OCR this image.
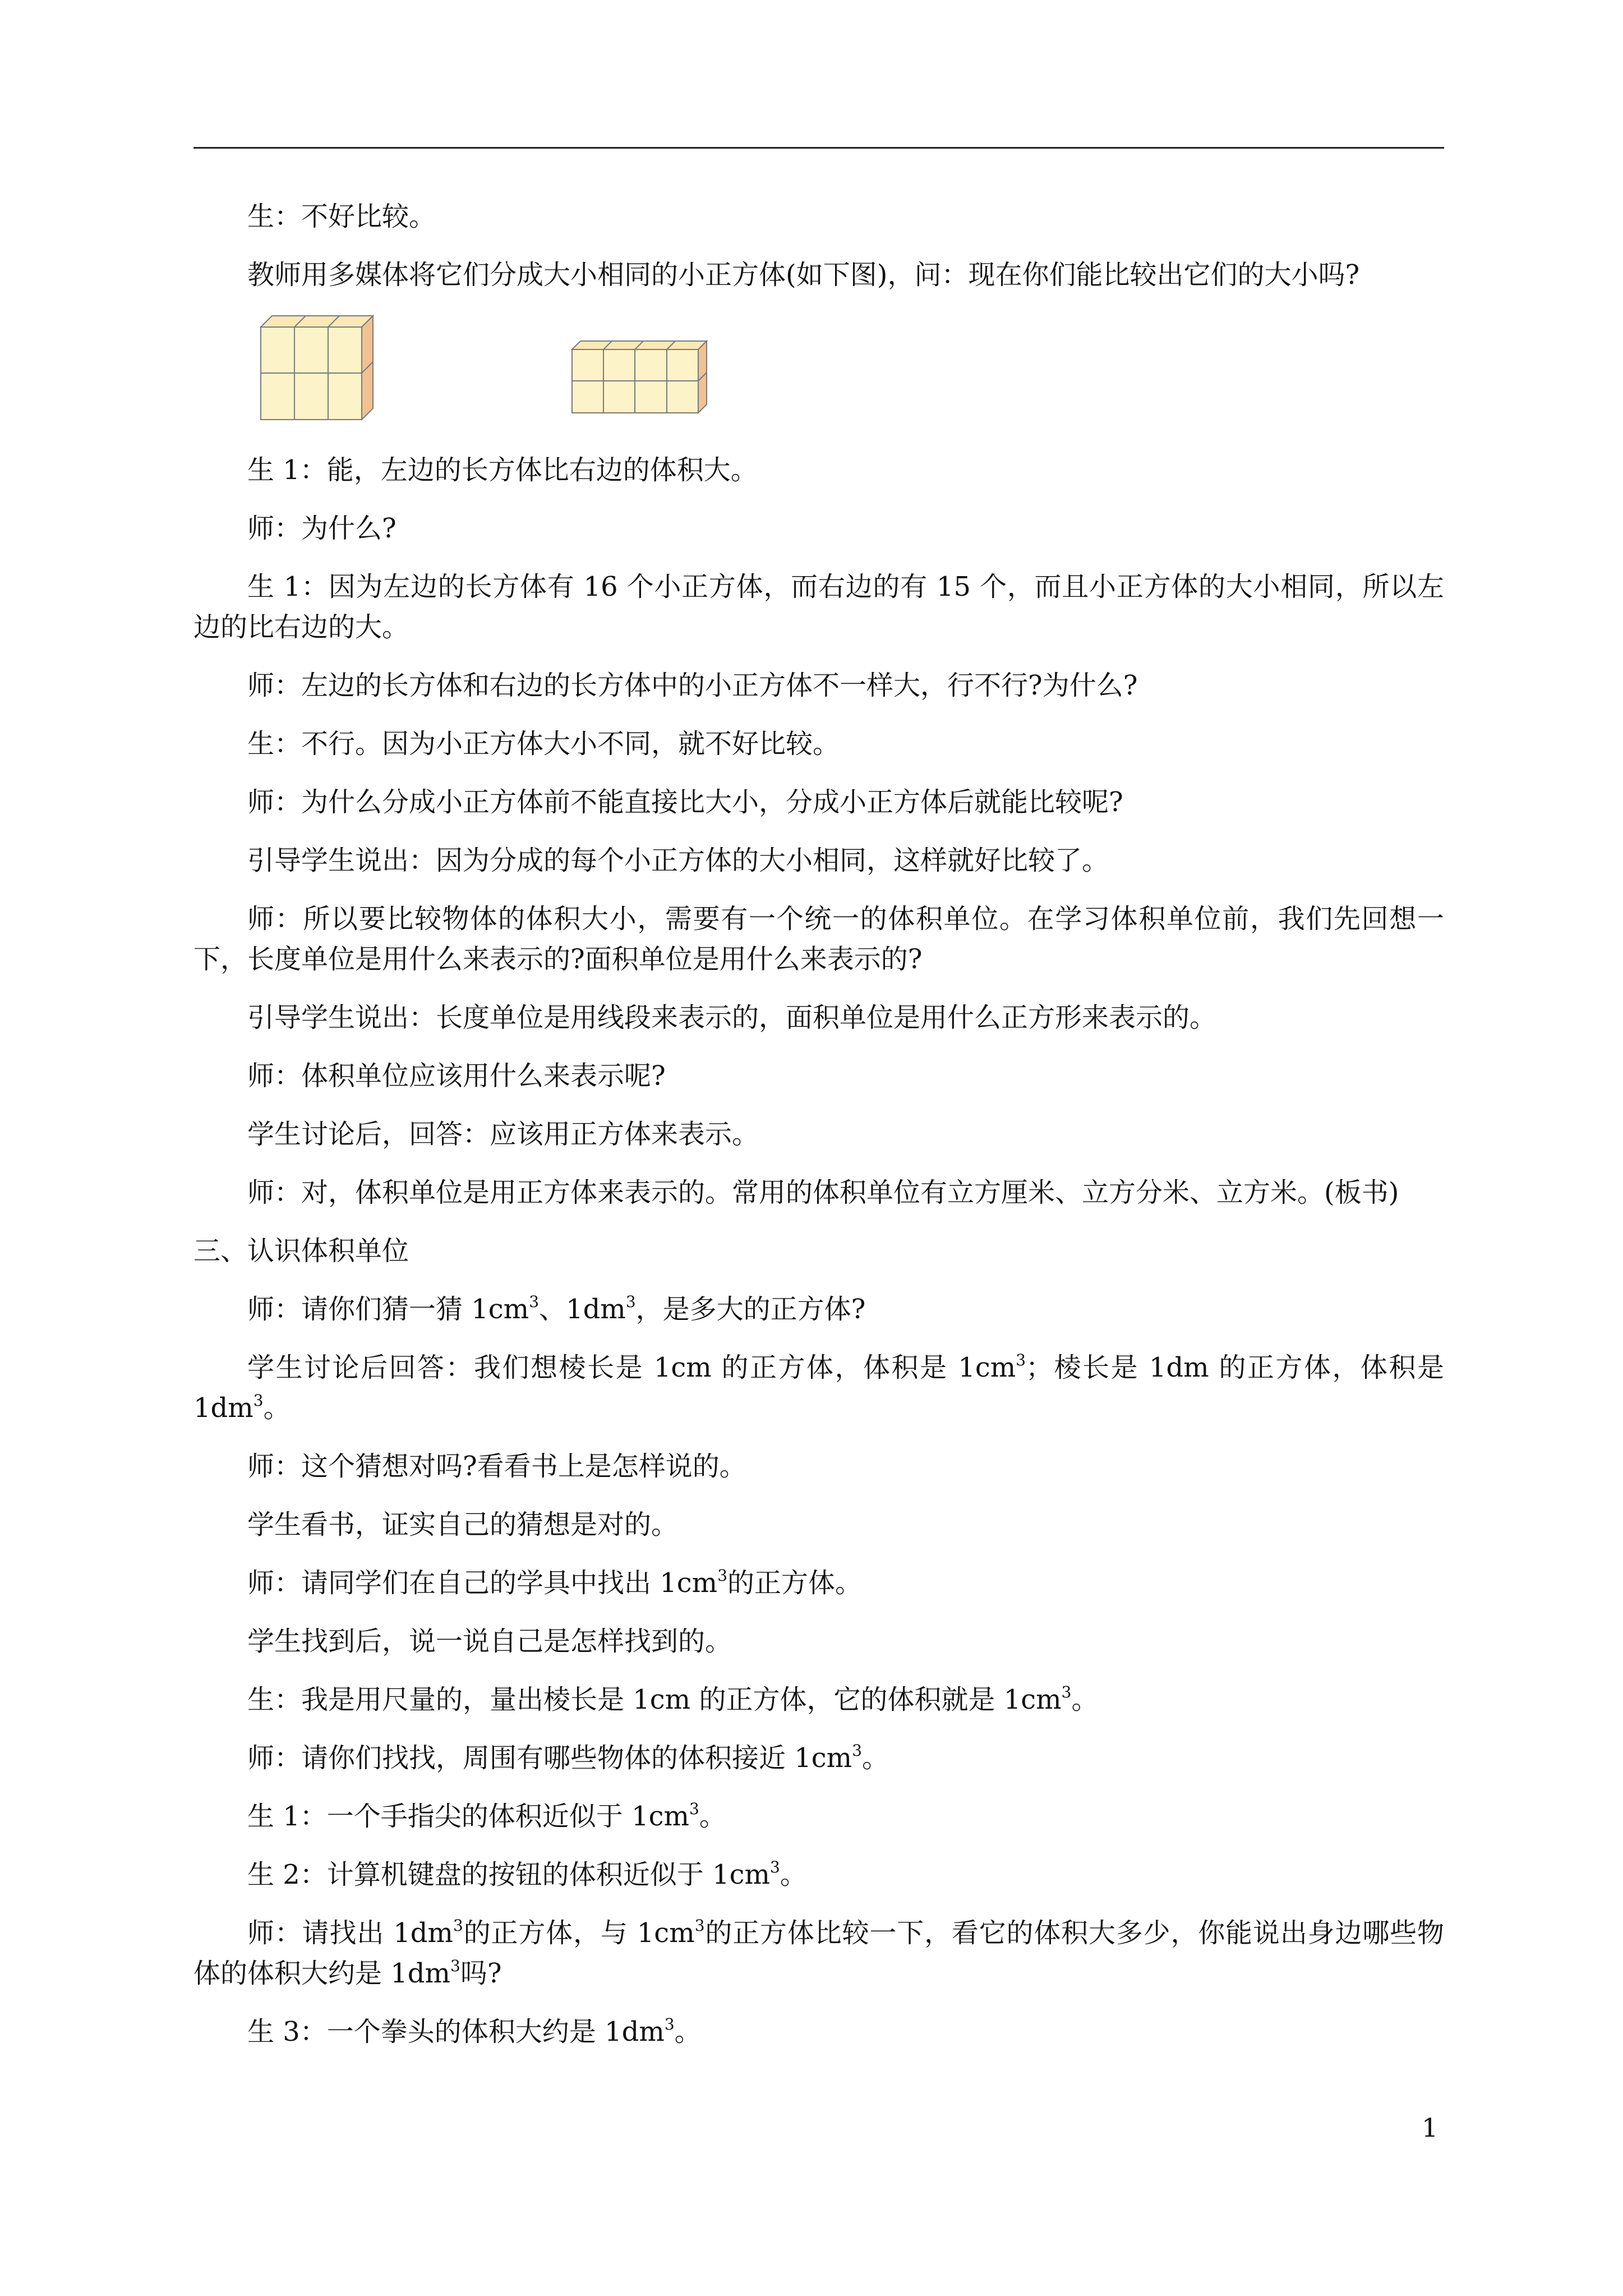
生：不好比较。

教师用多媒体将它们分成大小相同的小正方体(如下图)，问：现在你们能比较出它们的大小吗?

生 1：能，左边的长方体比右边的体积大。

师：为什么?

生 1：因为左边的长方体有 16 个小正方体，而右边的有 15 个，而且小正方体的大小相同，所以左边的比右边的大。

师：左边的长方体和右边的长方体中的小正方体不一样大，行不行?为什么?

生：不行。因为小正方体大小不同，就不好比较。

师：为什么分成小正方体前不能直接比大小，分成小正方体后就能比较呢?

引导学生说出：因为分成的每个小正方体的大小相同，这样就好比较了。

师：所以要比较物体的体积大小，需要有一个统一的体积单位。在学习体积单位前，我们先回想一下，长度单位是用什么来表示的?面积单位是用什么来表示的?

引导学生说出：长度单位是用线段来表示的，面积单位是用什么正方形来表示的。

师：体积单位应该用什么来表示呢?

学生讨论后，回答：应该用正方体来表示。

师：对，体积单位是用正方体来表示的。常用的体积单位有立方厘米、立方分米、立方米。(板书)

三、认识体积单位

师：请你们猜一猜 $1cm^3$、$1dm^3$，是多大的正方体?

学生讨论后回答：我们想棱长是 1cm 的正方体，体积是 $1cm^3$；棱长是 1dm 的正方体，体积是 $1dm^3$。

师：这个猜想对吗?看看书上是怎样说的。

学生看书，证实自己的猜想是对的。

师：请同学们在自己的学具中找出 $1cm^3$的正方体。

学生找到后，说一说自己是怎样找到的。

生：我是用尺量的，量出棱长是 1cm 的正方体，它的体积就是 $1cm^3$。

师：请你们找找，周围有哪些物体的体积接近 $1cm^3$。

生 1：一个手指尖的体积近似于 $1cm^3$。

生 2：计算机键盘的按钮的体积近似于 $1cm^3$。

师：请找出 $1dm^3$的正方体，与 $1cm^3$的正方体比较一下，看它的体积大多少，你能说出身边哪些物体的体积大约是 $1dm^3$吗?

生 3：一个拳头的体积大约是 $1dm^3$。

1
